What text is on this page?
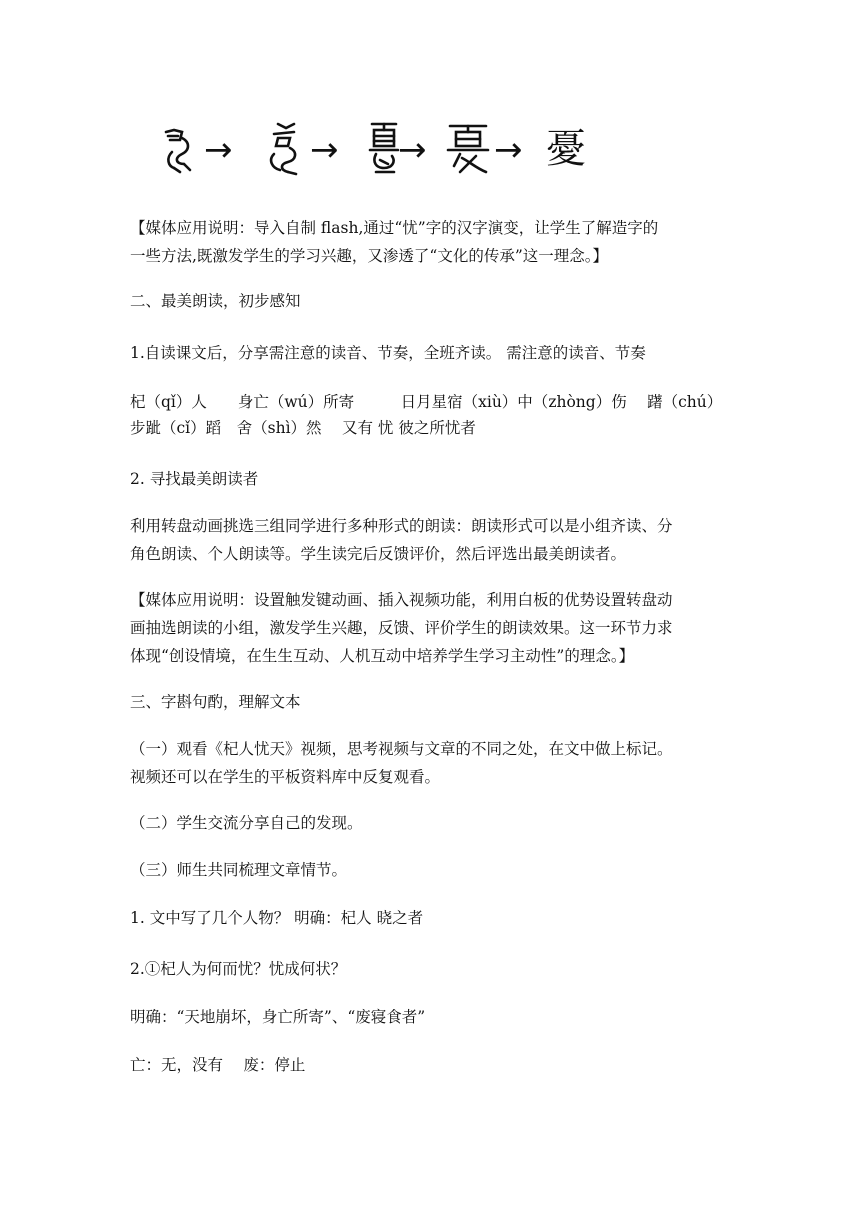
→ → → → 憂

【媒体应用说明：导入自制 flash,通过“忧”字的汉字演变，让学生了解造字的

一些方法,既激发学生的学习兴趣，又渗透了“文化的传承”这一理念。】

二、最美朗读，初步感知

1.自读课文后，分享需注意的读音、节奏，全班齐读。 需注意的读音、节奏

杞（qǐ）人　　身亡（wú）所寄　　　日月星宿（xiù）中（zhòng）伤　 躇（chú）

步跐（cǐ）蹈　舍（shì）然　 又有 忧 彼之所忧者

2. 寻找最美朗读者

利用转盘动画挑选三组同学进行多种形式的朗读：朗读形式可以是小组齐读、分

角色朗读、个人朗读等。学生读完后反馈评价，然后评选出最美朗读者。

【媒体应用说明：设置触发键动画、插入视频功能，利用白板的优势设置转盘动

画抽选朗读的小组，激发学生兴趣，反馈、评价学生的朗读效果。这一环节力求

体现“创设情境，在生生互动、人机互动中培养学生学习主动性”的理念。】

三、字斟句酌，理解文本

（一）观看《杞人忧天》视频，思考视频与文章的不同之处，在文中做上标记。

视频还可以在学生的平板资料库中反复观看。

（二）学生交流分享自己的发现。

（三）师生共同梳理文章情节。

1. 文中写了几个人物？ 明确：杞人 晓之者

2.①杞人为何而忧？忧成何状？

明确：“天地崩坏，身亡所寄”、“废寝食者”

亡：无，没有　 废：停止
